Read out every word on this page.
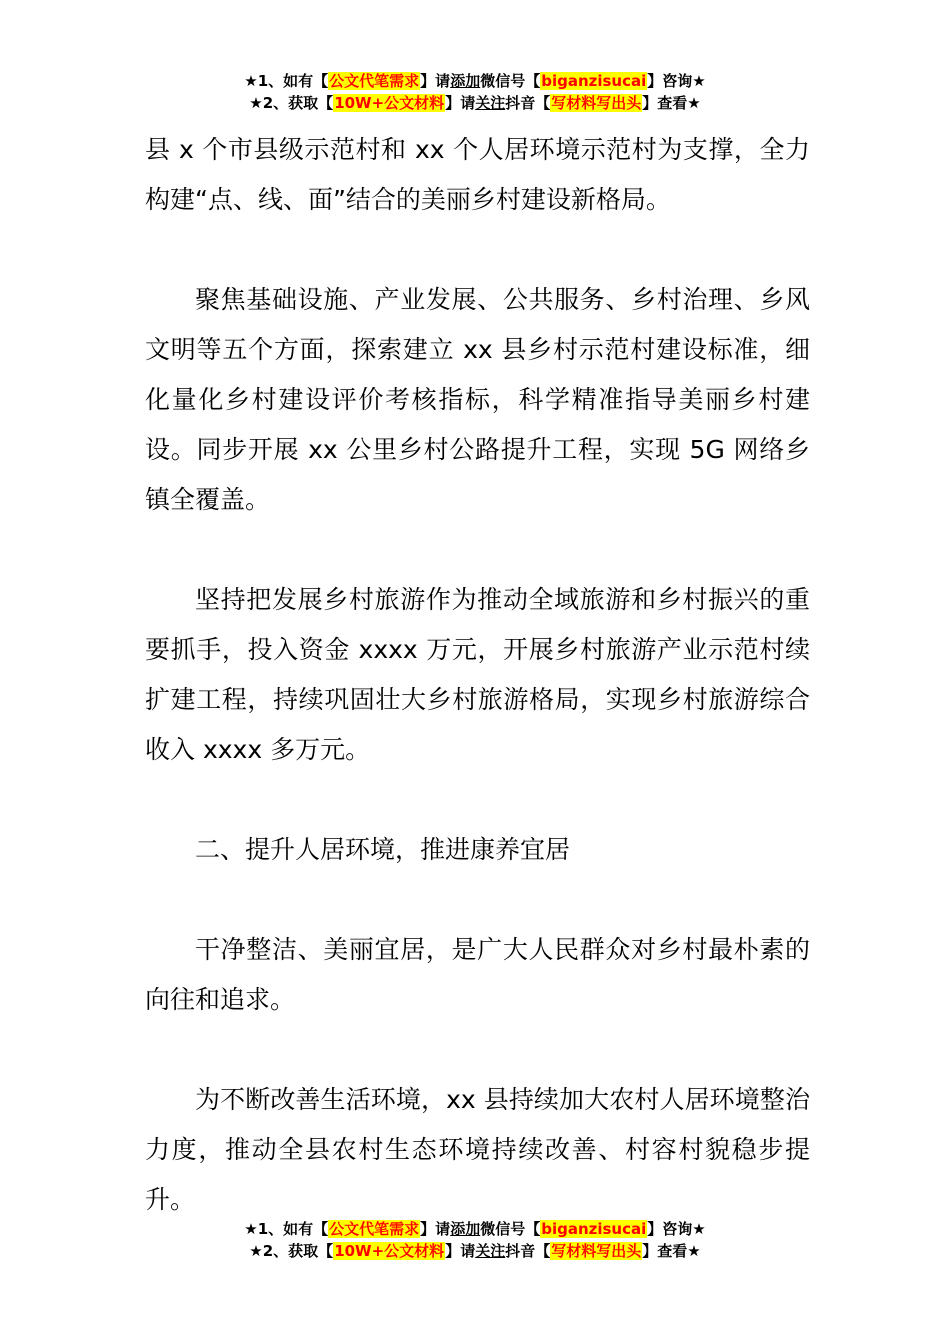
★1、如有【公文代笔需求】请添加微信号【biganzisucai】咨询★
★2、获取【10W+公文材料】请关注抖音【写材料写出头】查看★

县 x 个市县级示范村和 xx 个人居环境示范村为支撑，全力构建“点、线、面”结合的美丽乡村建设新格局。

聚焦基础设施、产业发展、公共服务、乡村治理、乡风文明等五个方面，探索建立 xx 县乡村示范村建设标准，细化量化乡村建设评价考核指标，科学精准指导美丽乡村建设。同步开展 xx 公里乡村公路提升工程，实现 5G 网络乡镇全覆盖。

坚持把发展乡村旅游作为推动全域旅游和乡村振兴的重要抓手，投入资金 xxxx 万元，开展乡村旅游产业示范村续扩建工程，持续巩固壮大乡村旅游格局，实现乡村旅游综合收入 xxxx 多万元。

二、提升人居环境，推进康养宜居

干净整洁、美丽宜居，是广大人民群众对乡村最朴素的向往和追求。

为不断改善生活环境，xx 县持续加大农村人居环境整治力度，推动全县农村生态环境持续改善、村容村貌稳步提升。

★1、如有【公文代笔需求】请添加微信号【biganzisucai】咨询★
★2、获取【10W+公文材料】请关注抖音【写材料写出头】查看★
